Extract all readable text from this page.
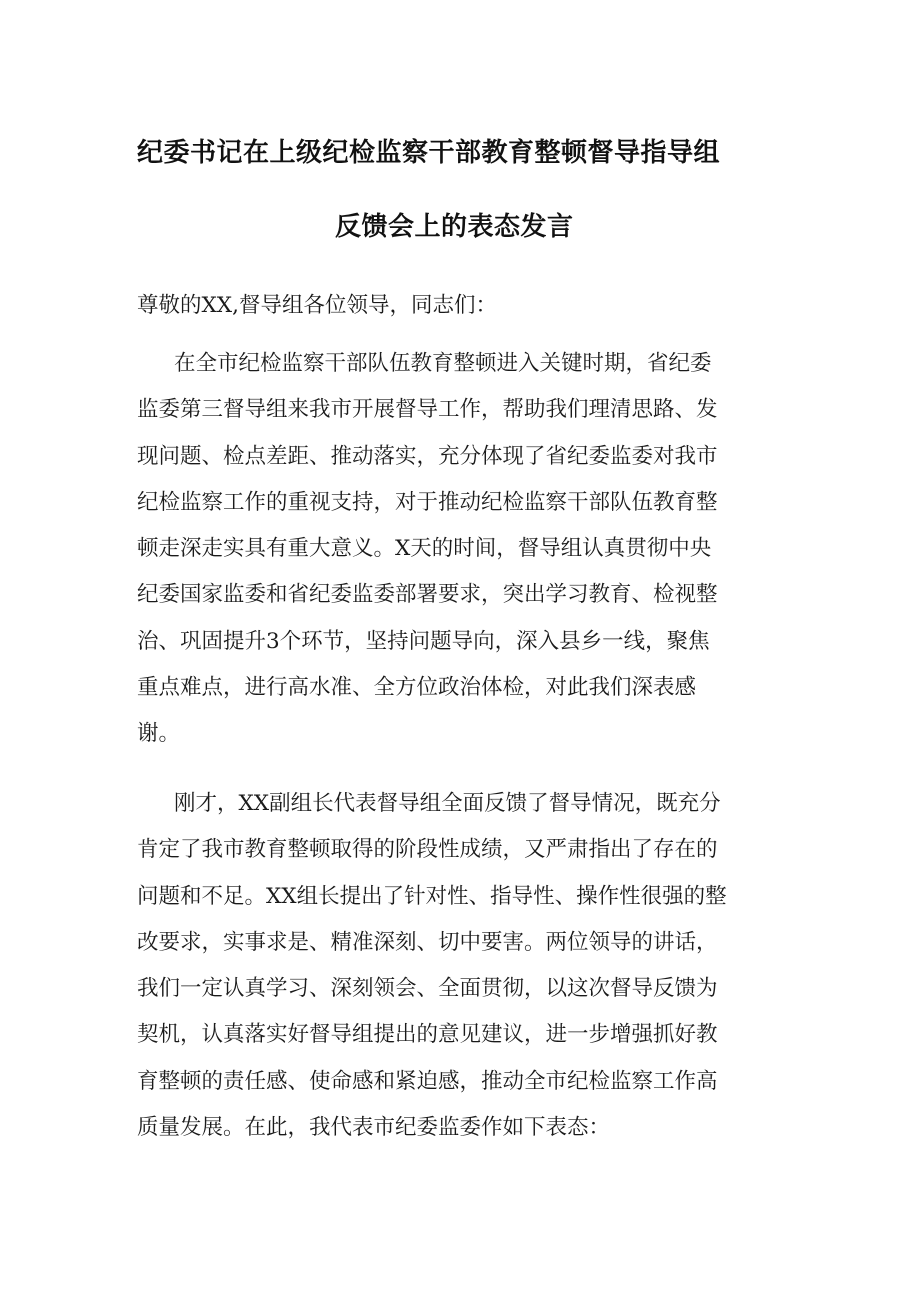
纪委书记在上级纪检监察干部教育整顿督导指导组
反馈会上的表态发言
尊敬的XX,督导组各位领导，同志们：
在全市纪检监察干部队伍教育整顿进入关键时期，省纪委
监委第三督导组来我市开展督导工作，帮助我们理清思路、发
现问题、检点差距、推动落实，充分体现了省纪委监委对我市
纪检监察工作的重视支持，对于推动纪检监察干部队伍教育整
顿走深走实具有重大意义。X天的时间，督导组认真贯彻中央
纪委国家监委和省纪委监委部署要求，突出学习教育、检视整
治、巩固提升3个环节，坚持问题导向，深入县乡一线，聚焦
重点难点，进行高水准、全方位政治体检，对此我们深表感
谢。
刚才，XX副组长代表督导组全面反馈了督导情况，既充分
肯定了我市教育整顿取得的阶段性成绩，又严肃指出了存在的
问题和不足。XX组长提出了针对性、指导性、操作性很强的整
改要求，实事求是、精准深刻、切中要害。两位领导的讲话，
我们一定认真学习、深刻领会、全面贯彻，以这次督导反馈为
契机，认真落实好督导组提出的意见建议，进一步增强抓好教
育整顿的责任感、使命感和紧迫感，推动全市纪检监察工作高
质量发展。在此，我代表市纪委监委作如下表态：
